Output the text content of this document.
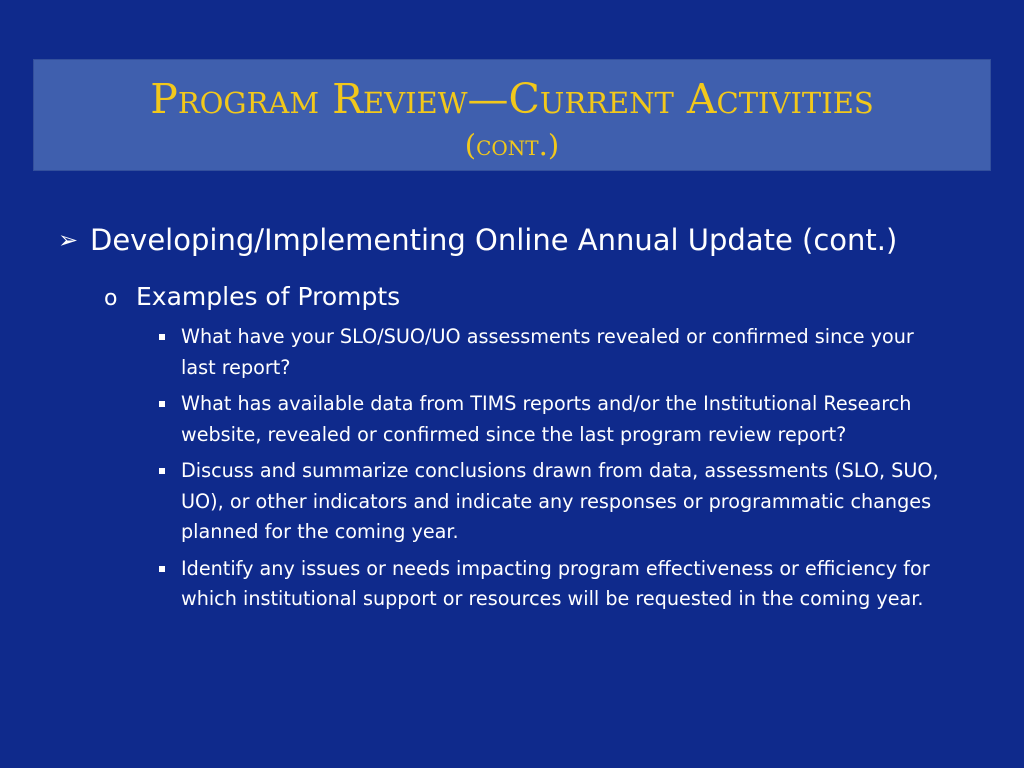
Program Review—Current Activities
(cont.)
➢ Developing/Implementing Online Annual Update (cont.)
o Examples of Prompts
What have your SLO/SUO/UO assessments revealed or confirmed since your last report?
What has available data from TIMS reports and/or the Institutional Research website, revealed or confirmed since the last program review report?
Discuss and summarize conclusions drawn from data, assessments (SLO, SUO, UO), or other indicators and indicate any responses or programmatic changes planned for the coming year.
Identify any issues or needs impacting program effectiveness or efficiency for which institutional support or resources will be requested in the coming year.
